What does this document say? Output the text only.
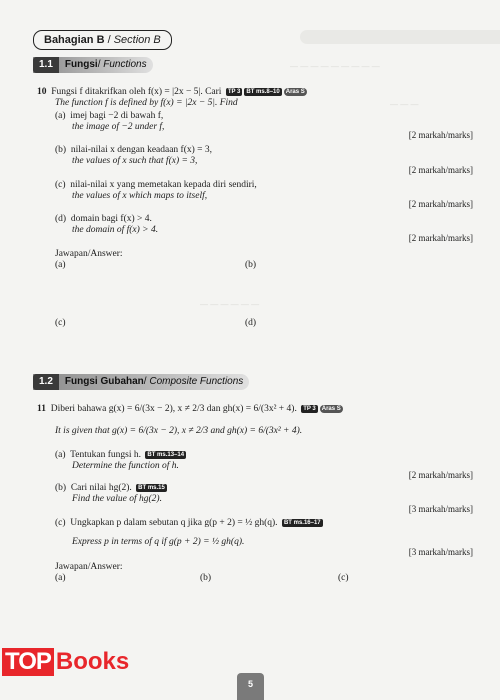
— — — — — — — — —
— — —
— — — — — —
Bahagian B / Section B
1.1	Fungsi/ Functions
10 Fungsi f ditakrifkan oleh f(x) = |2x − 5|. Cari TP 3 BT ms.8–10 Aras S
The function f is defined by f(x) = |2x − 5|. Find
(a) imej bagi −2 di bawah f,
the image of −2 under f,
[2 markah/marks]
(b) nilai-nilai x dengan keadaan f(x) = 3,
the values of x such that f(x) = 3,
[2 markah/marks]
(c) nilai-nilai x yang memetakan kepada diri sendiri,
the values of x which maps to itself,
[2 markah/marks]
(d) domain bagi f(x) > 4.
the domain of f(x) > 4.
[2 markah/marks]
Jawapan/Answer:
(a)	(b)
(c)	(d)
1.2	Fungsi Gubahan/ Composite Functions
11 Diberi bahawa g(x) = 6/(3x − 2), x ≠ 2/3 dan gh(x) = 6/(3x² + 4). TP 3 Aras S
It is given that g(x) = 6/(3x − 2), x ≠ 2/3 and gh(x) = 6/(3x² + 4).
(a) Tentukan fungsi h. BT ms.13–14
Determine the function of h.
[2 markah/marks]
(b) Cari nilai hg(2). BT ms.15
Find the value of hg(2).
[3 markah/marks]
(c) Ungkapkan p dalam sebutan q jika g(p + 2) = ½ gh(q). BT ms.16–17
Express p in terms of q if g(p + 2) = ½ gh(q).
[3 markah/marks]
Jawapan/Answer:
(a)	(b)	(c)
TOP Books
5
